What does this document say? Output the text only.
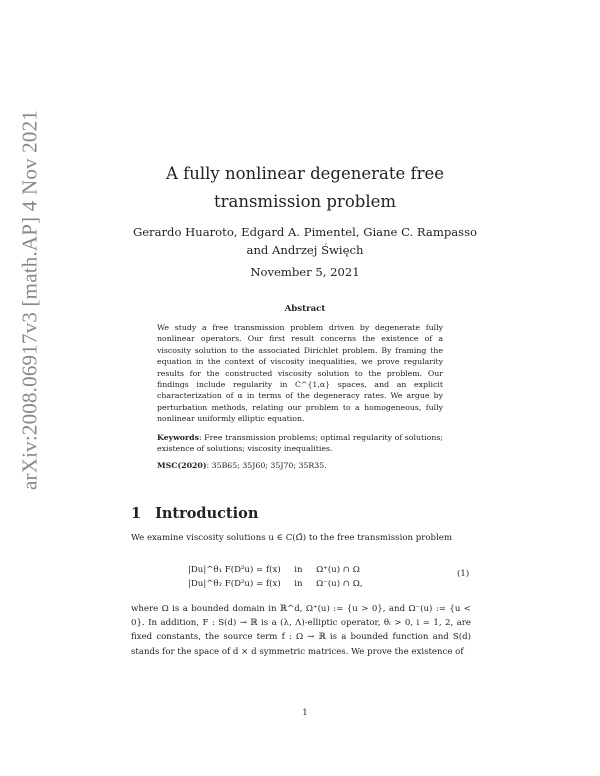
arXiv:2008.06917v3 [math.AP] 4 Nov 2021	A fully nonlinear degenerate free transmission problem
Gerardo Huaroto, Edgard A. Pimentel, Giane C. Rampasso
and Andrzej Święch
November 5, 2021
Abstract
We study a free transmission problem driven by degenerate fully nonlinear operators. Our first result concerns the existence of a viscosity solution to the associated Dirichlet problem. By framing the equation in the context of viscosity inequalities, we prove regularity results for the constructed viscosity solution to the problem. Our findings include regularity in C^{1,α} spaces, and an explicit characterization of α in terms of the degeneracy rates. We argue by perturbation methods, relating our problem to a homogeneous, fully nonlinear uniformly elliptic equation.
Keywords: Free transmission problems; optimal regularity of solutions; existence of solutions; viscosity inequalities.
MSC(2020): 35B65; 35J60; 35J70; 35R35.
1 Introduction
We examine viscosity solutions u ∈ C(Ω̄) to the free transmission problem
|Du|^θ₁ F(D²u) = f(x) in Ω⁺(u) ∩ Ω
|Du|^θ₂ F(D²u) = f(x) in Ω⁻(u) ∩ Ω,
(1)
where Ω is a bounded domain in ℝ^d, Ω⁺(u) := {u > 0}, and Ω⁻(u) := {u < 0}. In addition, F : S(d) → ℝ is a (λ, Λ)-elliptic operator, θᵢ > 0, i = 1, 2, are fixed constants, the source term f : Ω → ℝ is a bounded function and S(d) stands for the space of d × d symmetric matrices. We prove the existence of
1
